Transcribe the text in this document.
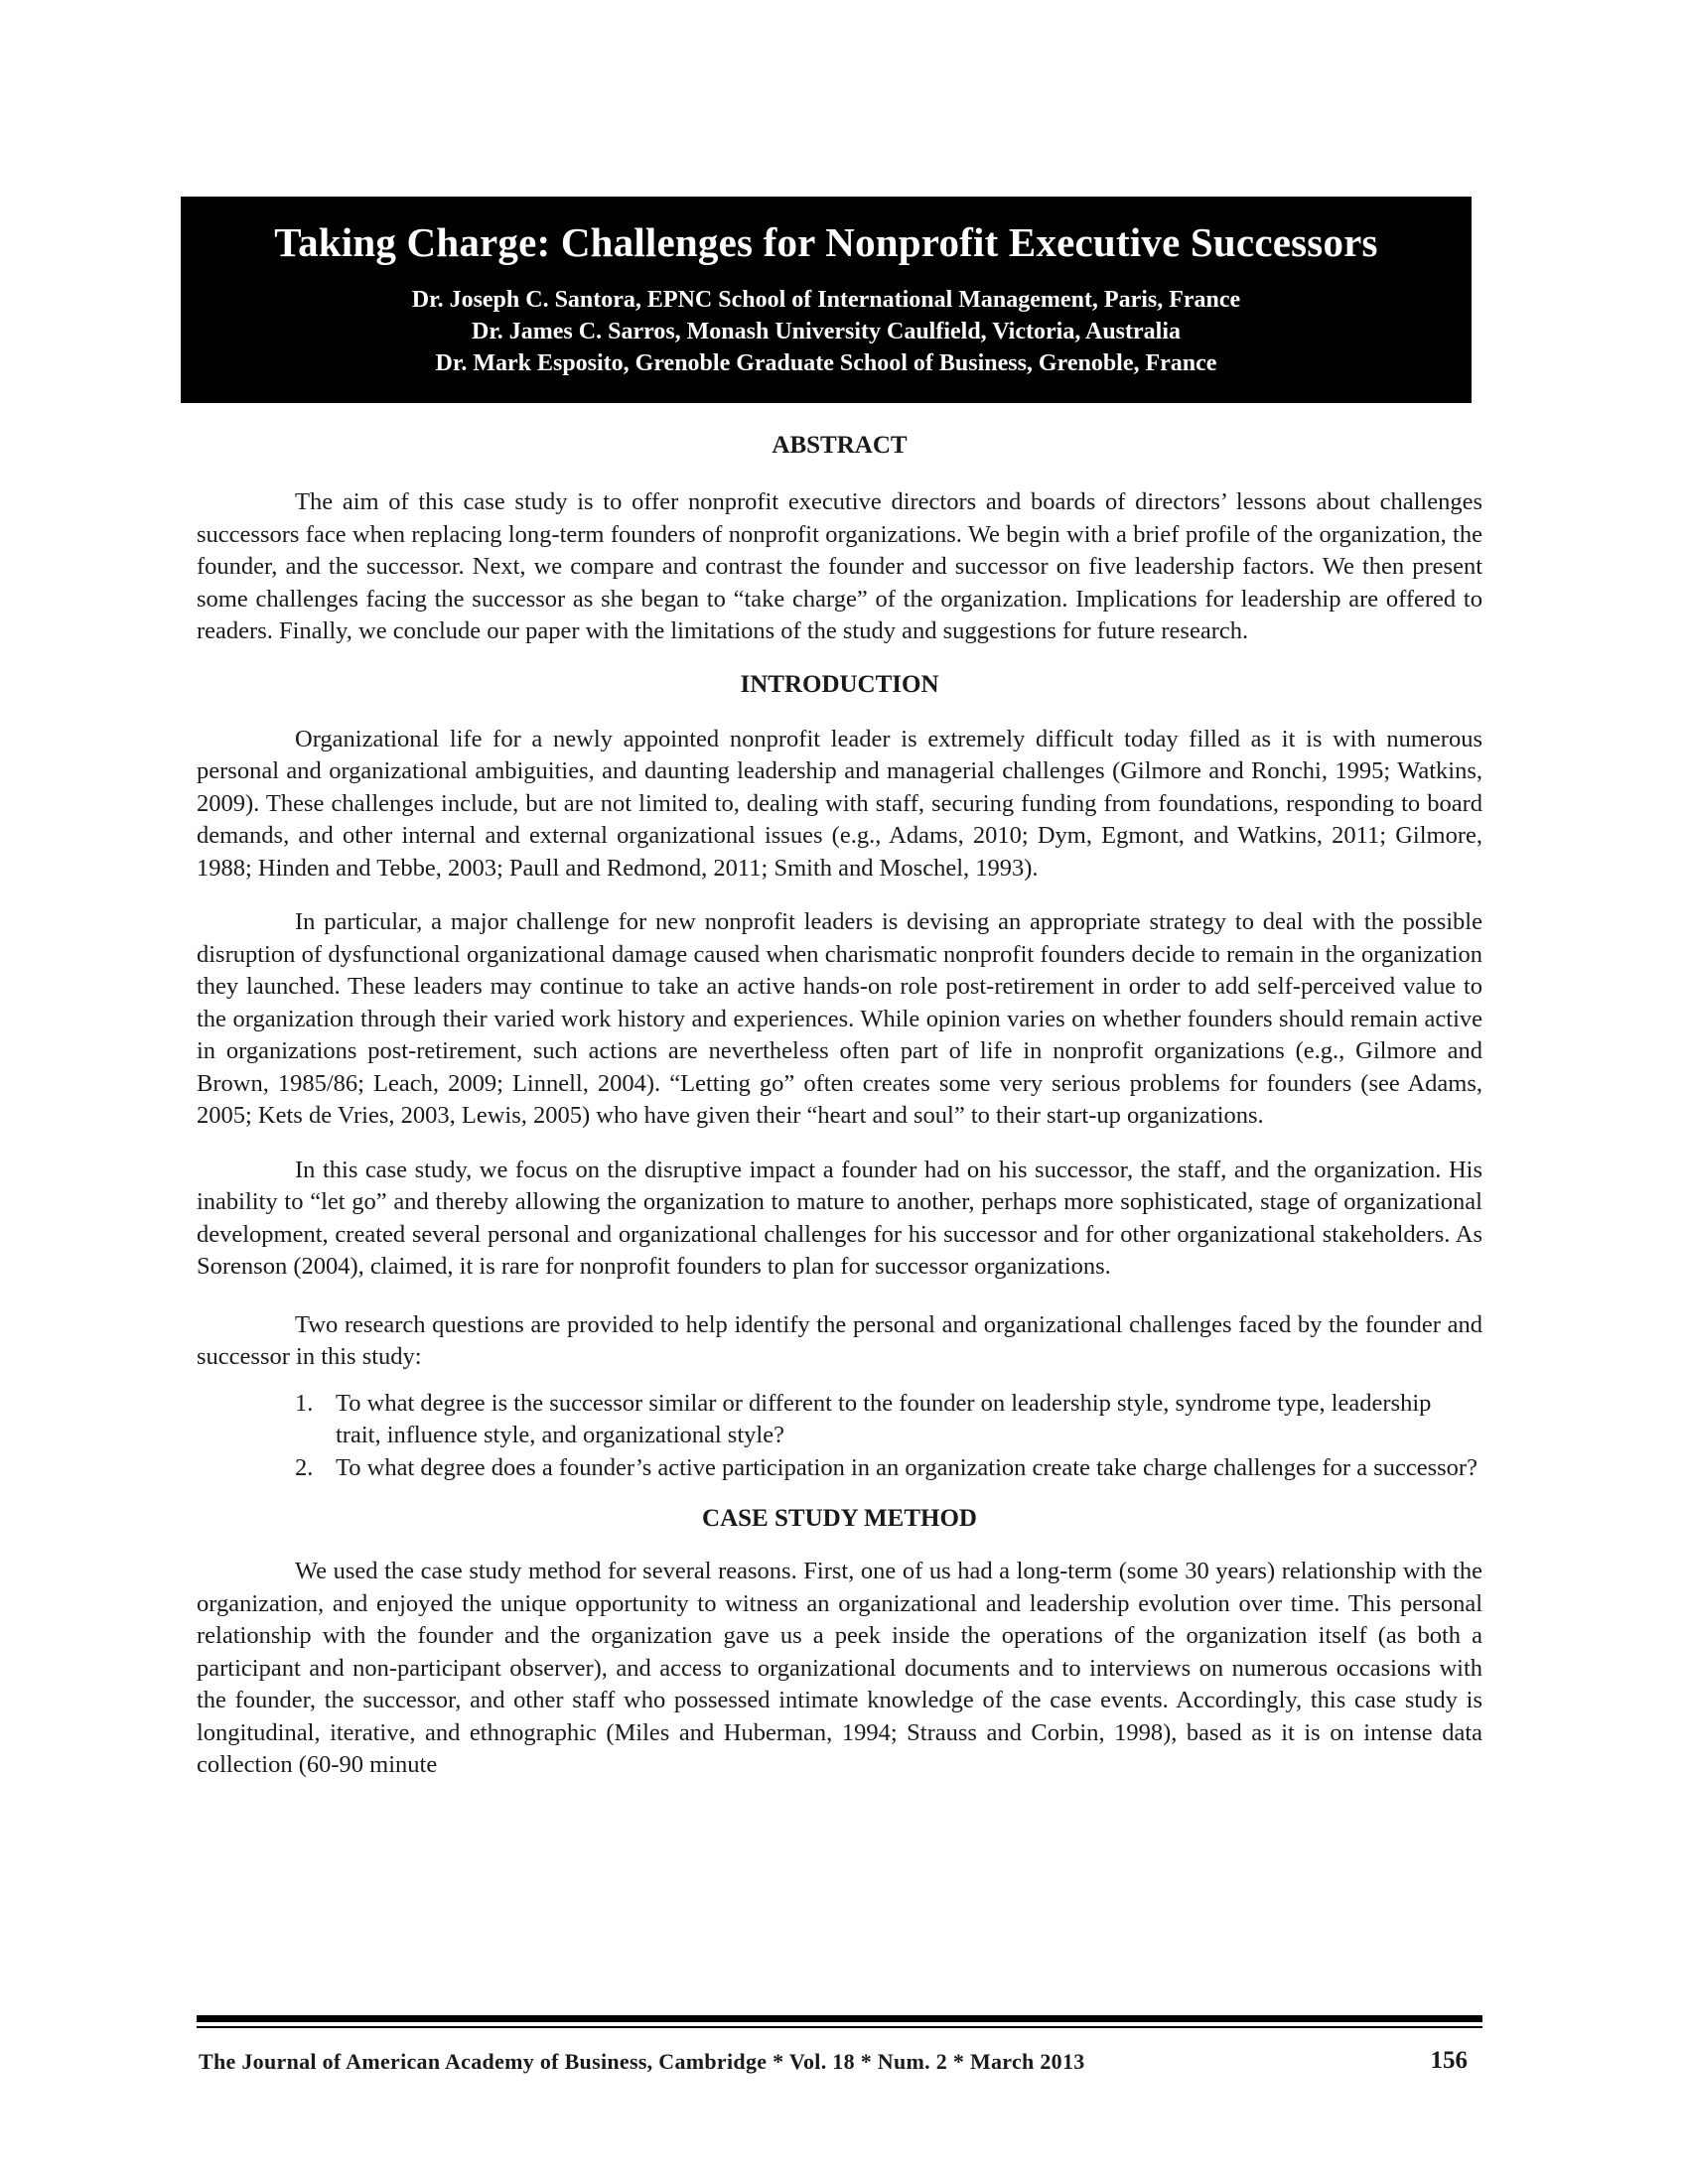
Taking Charge: Challenges for Nonprofit Executive Successors
Dr. Joseph C. Santora, EPNC School of International Management, Paris, France
Dr. James C. Sarros, Monash University Caulfield, Victoria, Australia
Dr. Mark Esposito, Grenoble Graduate School of Business, Grenoble, France
ABSTRACT

The aim of this case study is to offer nonprofit executive directors and boards of directors’ lessons about challenges successors face when replacing long-term founders of nonprofit organizations. We begin with a brief profile of the organization, the founder, and the successor. Next, we compare and contrast the founder and successor on five leadership factors. We then present some challenges facing the successor as she began to “take charge” of the organization. Implications for leadership are offered to readers. Finally, we conclude our paper with the limitations of the study and suggestions for future research.

INTRODUCTION

Organizational life for a newly appointed nonprofit leader is extremely difficult today filled as it is with numerous personal and organizational ambiguities, and daunting leadership and managerial challenges (Gilmore and Ronchi, 1995; Watkins, 2009). These challenges include, but are not limited to, dealing with staff, securing funding from foundations, responding to board demands, and other internal and external organizational issues (e.g., Adams, 2010; Dym, Egmont, and Watkins, 2011; Gilmore, 1988; Hinden and Tebbe, 2003; Paull and Redmond, 2011; Smith and Moschel, 1993).

In particular, a major challenge for new nonprofit leaders is devising an appropriate strategy to deal with the possible disruption of dysfunctional organizational damage caused when charismatic nonprofit founders decide to remain in the organization they launched. These leaders may continue to take an active hands-on role post-retirement in order to add self-perceived value to the organization through their varied work history and experiences. While opinion varies on whether founders should remain active in organizations post-retirement, such actions are nevertheless often part of life in nonprofit organizations (e.g., Gilmore and Brown, 1985/86; Leach, 2009; Linnell, 2004). “Letting go” often creates some very serious problems for founders (see Adams, 2005; Kets de Vries, 2003, Lewis, 2005) who have given their “heart and soul” to their start-up organizations.

In this case study, we focus on the disruptive impact a founder had on his successor, the staff, and the organization. His inability to “let go” and thereby allowing the organization to mature to another, perhaps more sophisticated, stage of organizational development, created several personal and organizational challenges for his successor and for other organizational stakeholders. As Sorenson (2004), claimed, it is rare for nonprofit founders to plan for successor organizations.

Two research questions are provided to help identify the personal and organizational challenges faced by the founder and successor in this study:

1. To what degree is the successor similar or different to the founder on leadership style, syndrome type, leadership trait, influence style, and organizational style?
2. To what degree does a founder’s active participation in an organization create take charge challenges for a successor?
CASE STUDY METHOD

We used the case study method for several reasons. First, one of us had a long-term (some 30 years) relationship with the organization, and enjoyed the unique opportunity to witness an organizational and leadership evolution over time. This personal relationship with the founder and the organization gave us a peek inside the operations of the organization itself (as both a participant and non-participant observer), and access to organizational documents and to interviews on numerous occasions with the founder, the successor, and other staff who possessed intimate knowledge of the case events. Accordingly, this case study is longitudinal, iterative, and ethnographic (Miles and Huberman, 1994; Strauss and Corbin, 1998), based as it is on intense data collection (60-90 minute

The Journal of American Academy of Business, Cambridge * Vol. 18 * Num. 2 * March 2013	156
